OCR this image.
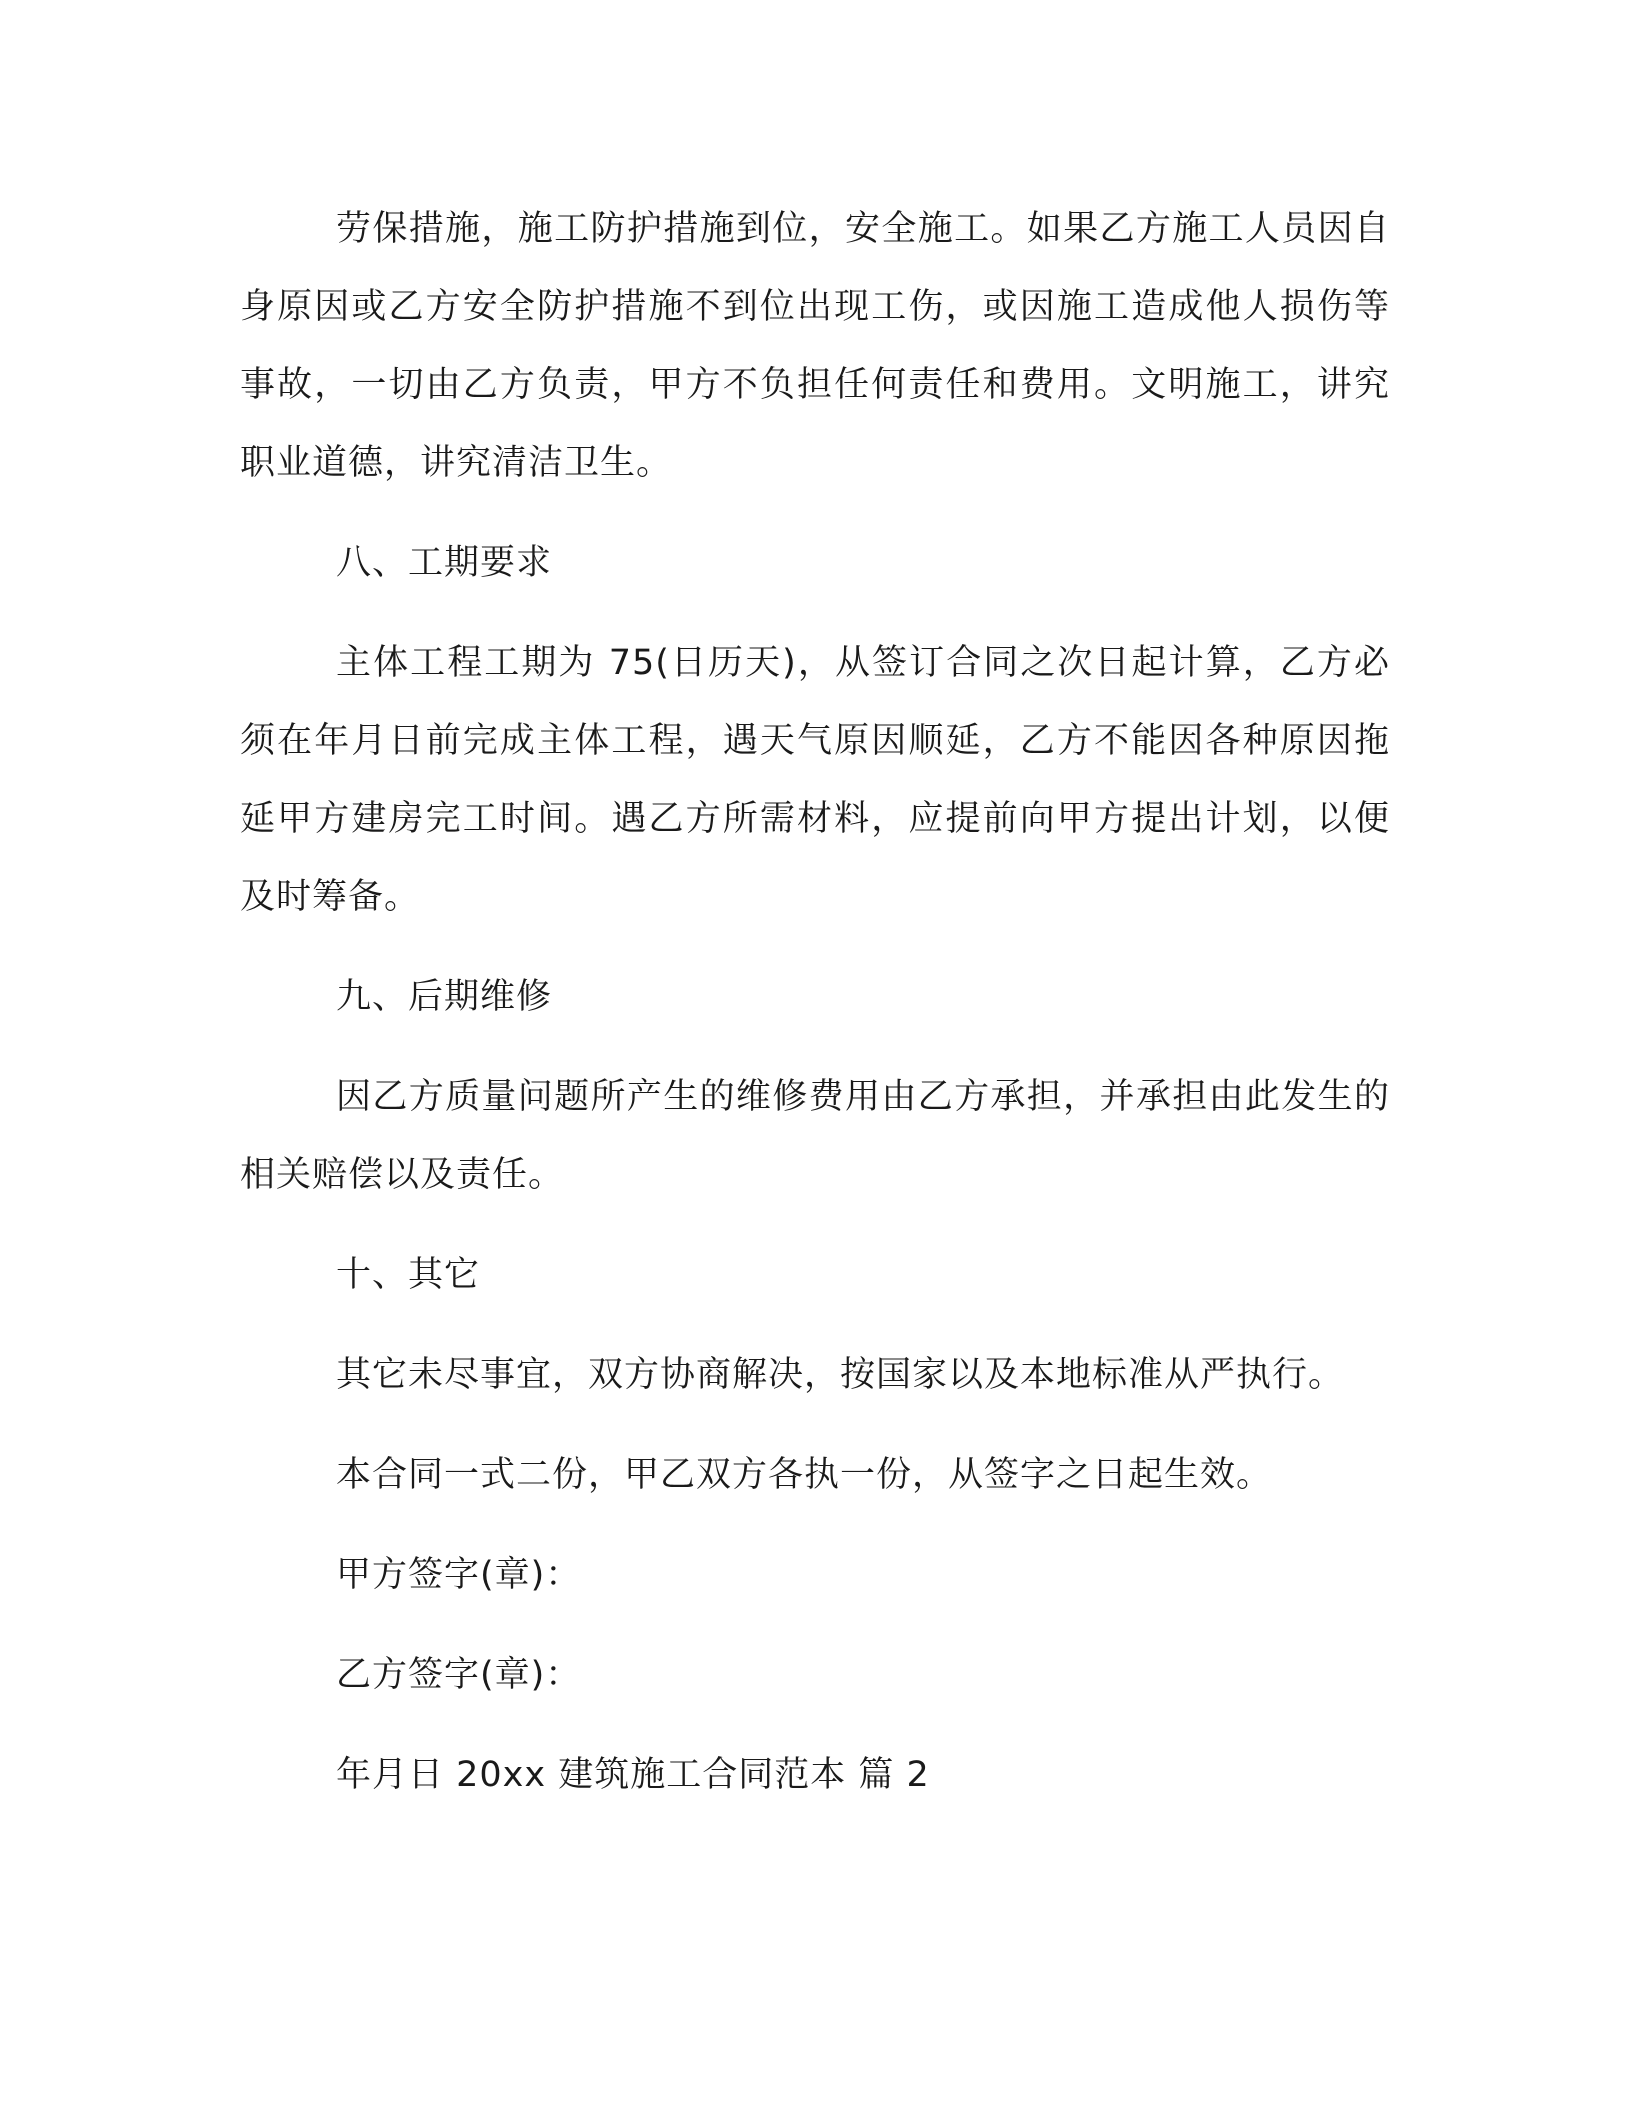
劳保措施，施工防护措施到位，安全施工。如果乙方施工人员因自身原因或乙方安全防护措施不到位出现工伤，或因施工造成他人损伤等事故，一切由乙方负责，甲方不负担任何责任和费用。文明施工，讲究职业道德，讲究清洁卫生。

八、工期要求

主体工程工期为 75(日历天)，从签订合同之次日起计算，乙方必须在年月日前完成主体工程，遇天气原因顺延，乙方不能因各种原因拖延甲方建房完工时间。遇乙方所需材料，应提前向甲方提出计划，以便及时筹备。

九、后期维修

因乙方质量问题所产生的维修费用由乙方承担，并承担由此发生的相关赔偿以及责任。

十、其它

其它未尽事宜，双方协商解决，按国家以及本地标准从严执行。

本合同一式二份，甲乙双方各执一份，从签字之日起生效。

甲方签字(章)：

乙方签字(章)：

年月日 20xx 建筑施工合同范本 篇 2
